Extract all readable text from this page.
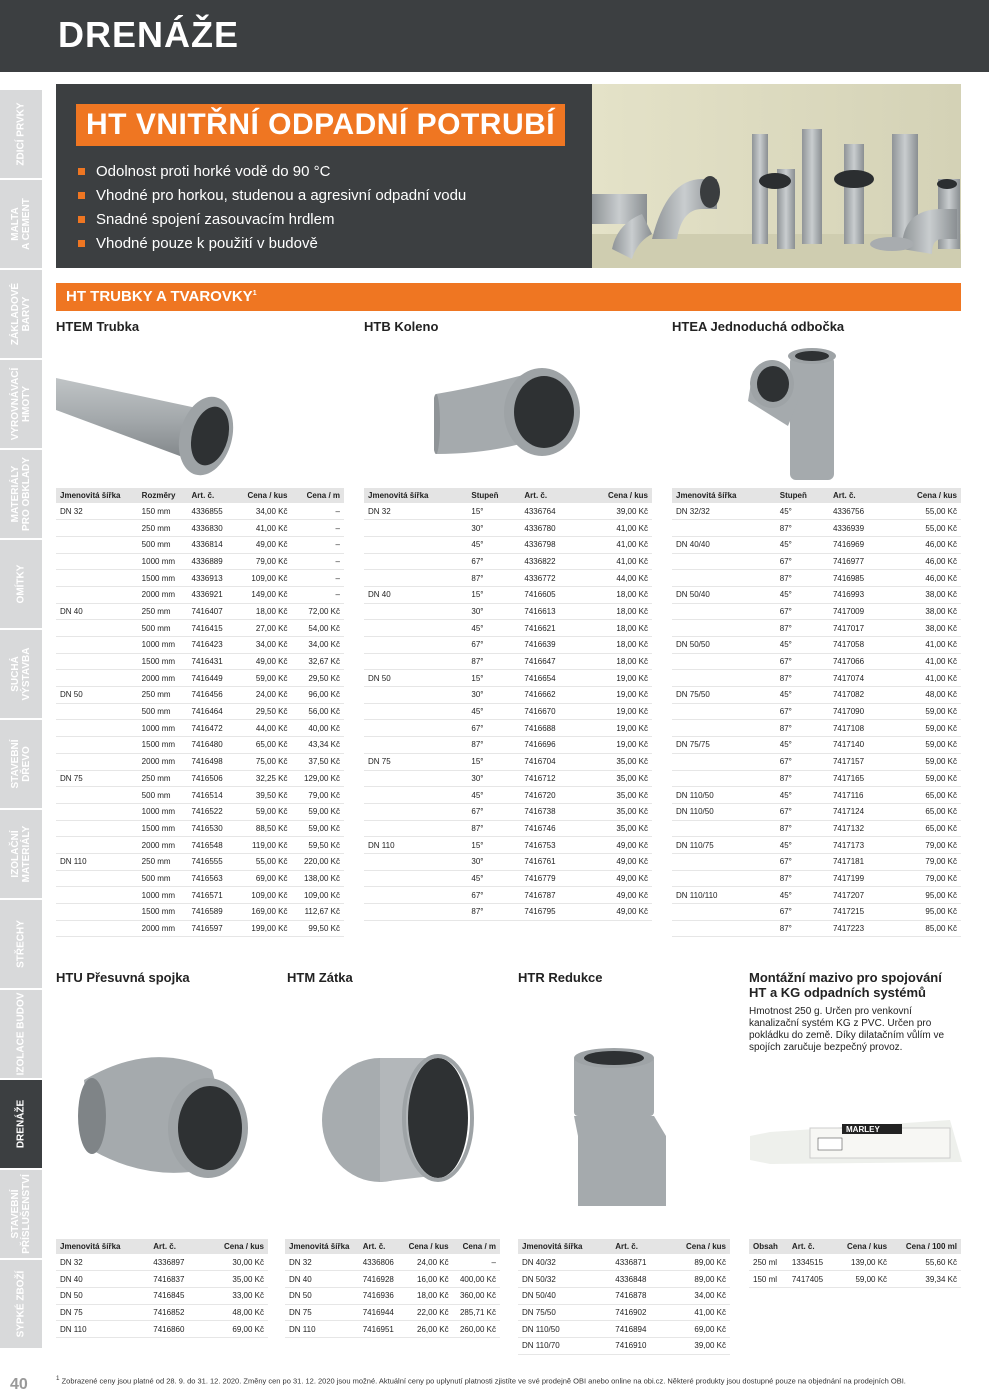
DRENÁŽE
ZDICÍ PRVKY
MALTA
A CEMENT
ZÁKLADOVÉ
BARVY
VYROVNÁVACÍ
HMOTY
MATERIÁLY
PRO OBKLADY
OMÍTKY
SUCHÁ
VÝSTAVBA
STAVEBNÍ
DŘEVO
IZOLAČNÍ
MATERIÁLY
STŘECHY
IZOLACE BUDOV
DRENÁŽE
STAVEBNÍ
PŘÍSLUŠENSTVÍ
SYPKÉ ZBOŽÍ
40
HT VNITŘNÍ ODPADNÍ POTRUBÍ
Odolnost proti horké vodě do 90 °C
Vhodné pro horkou, studenou a agresivní odpadní vodu
Snadné spojení zasouvacím hrdlem
Vhodné pouze k použití v budově
HT TRUBKY A TVAROVKY$^1$
HTEM Trubka	HTB Koleno	HTEA Jednoduchá odbočka
Jmenovitá šířka	Rozměry	Art. č.	Cena / kus	Cena / m
DN 32	150 mm	4336855	34,00 Kč	–
	250 mm	4336830	41,00 Kč	–
	500 mm	4336814	49,00 Kč	–
	1000 mm	4336889	79,00 Kč	–
	1500 mm	4336913	109,00 Kč	–
	2000 mm	4336921	149,00 Kč	–
DN 40	250 mm	7416407	18,00 Kč	72,00 Kč
	500 mm	7416415	27,00 Kč	54,00 Kč
	1000 mm	7416423	34,00 Kč	34,00 Kč
	1500 mm	7416431	49,00 Kč	32,67 Kč
	2000 mm	7416449	59,00 Kč	29,50 Kč
DN 50	250 mm	7416456	24,00 Kč	96,00 Kč
	500 mm	7416464	29,50 Kč	56,00 Kč
	1000 mm	7416472	44,00 Kč	40,00 Kč
	1500 mm	7416480	65,00 Kč	43,34 Kč
	2000 mm	7416498	75,00 Kč	37,50 Kč
DN 75	250 mm	7416506	32,25 Kč	129,00 Kč
	500 mm	7416514	39,50 Kč	79,00 Kč
	1000 mm	7416522	59,00 Kč	59,00 Kč
	1500 mm	7416530	88,50 Kč	59,00 Kč
	2000 mm	7416548	119,00 Kč	59,50 Kč
DN 110	250 mm	7416555	55,00 Kč	220,00 Kč
	500 mm	7416563	69,00 Kč	138,00 Kč
	1000 mm	7416571	109,00 Kč	109,00 Kč
	1500 mm	7416589	169,00 Kč	112,67 Kč
	2000 mm	7416597	199,00 Kč	99,50 Kč
Jmenovitá šířka	Stupeň	Art. č.	Cena / kus
DN 32	15°	4336764	39,00 Kč
	30°	4336780	41,00 Kč
	45°	4336798	41,00 Kč
	67°	4336822	41,00 Kč
	87°	4336772	44,00 Kč
DN 40	15°	7416605	18,00 Kč
	30°	7416613	18,00 Kč
	45°	7416621	18,00 Kč
	67°	7416639	18,00 Kč
	87°	7416647	18,00 Kč
DN 50	15°	7416654	19,00 Kč
	30°	7416662	19,00 Kč
	45°	7416670	19,00 Kč
	67°	7416688	19,00 Kč
	87°	7416696	19,00 Kč
DN 75	15°	7416704	35,00 Kč
	30°	7416712	35,00 Kč
	45°	7416720	35,00 Kč
	67°	7416738	35,00 Kč
	87°	7416746	35,00 Kč
DN 110	15°	7416753	49,00 Kč
	30°	7416761	49,00 Kč
	45°	7416779	49,00 Kč
	67°	7416787	49,00 Kč
	87°	7416795	49,00 Kč
Jmenovitá šířka	Stupeň	Art. č.	Cena / kus
DN 32/32	45°	4336756	55,00 Kč
	87°	4336939	55,00 Kč
DN 40/40	45°	7416969	46,00 Kč
	67°	7416977	46,00 Kč
	87°	7416985	46,00 Kč
DN 50/40	45°	7416993	38,00 Kč
	67°	7417009	38,00 Kč
	87°	7417017	38,00 Kč
DN 50/50	45°	7417058	41,00 Kč
	67°	7417066	41,00 Kč
	87°	7417074	41,00 Kč
DN 75/50	45°	7417082	48,00 Kč
	67°	7417090	59,00 Kč
	87°	7417108	59,00 Kč
DN 75/75	45°	7417140	59,00 Kč
	67°	7417157	59,00 Kč
	87°	7417165	59,00 Kč
DN 110/50	45°	7417116	65,00 Kč
DN 110/50	67°	7417124	65,00 Kč
	87°	7417132	65,00 Kč
DN 110/75	45°	7417173	79,00 Kč
	67°	7417181	79,00 Kč
	87°	7417199	79,00 Kč
DN 110/110	45°	7417207	95,00 Kč
	67°	7417215	95,00 Kč
	87°	7417223	85,00 Kč
HTU Přesuvná spojka	HTM Zátka	HTR Redukce	Montážní mazivo pro spojování HT a KG odpadních systémů
Hmotnost 250 g. Určen pro venkovní kanalizační systém KG z PVC. Určen pro pokládku do země. Díky dilatačním vůlím ve spojích zaručuje bezpečný provoz.
MARLEY
Jmenovitá šířka	Art. č.	Cena / kus
DN 32	4336897	30,00 Kč
DN 40	7416837	35,00 Kč
DN 50	7416845	33,00 Kč
DN 75	7416852	48,00 Kč
DN 110	7416860	69,00 Kč
Jmenovitá šířka	Art. č.	Cena / kus	Cena / m
DN 32	4336806	24,00 Kč	–
DN 40	7416928	16,00 Kč	400,00 Kč
DN 50	7416936	18,00 Kč	360,00 Kč
DN 75	7416944	22,00 Kč	285,71 Kč
DN 110	7416951	26,00 Kč	260,00 Kč
Jmenovitá šířka	Art. č.	Cena / kus
DN 40/32	4336871	89,00 Kč
DN 50/32	4336848	89,00 Kč
DN 50/40	7416878	34,00 Kč
DN 75/50	7416902	41,00 Kč
DN 110/50	7416894	69,00 Kč
DN 110/70	7416910	39,00 Kč
Obsah	Art. č.	Cena / kus	Cena / 100 ml
250 ml	1334515	139,00 Kč	55,60 Kč
150 ml	7417405	59,00 Kč	39,34 Kč
$^1$ Zobrazené ceny jsou platné od 28. 9. do 31. 12. 2020. Změny cen po 31. 12. 2020 jsou možné. Aktuální ceny po uplynutí platnosti zjistíte ve své prodejně OBI anebo online na obi.cz. Některé produkty jsou dostupné pouze na objednání na prodejních OBI.
